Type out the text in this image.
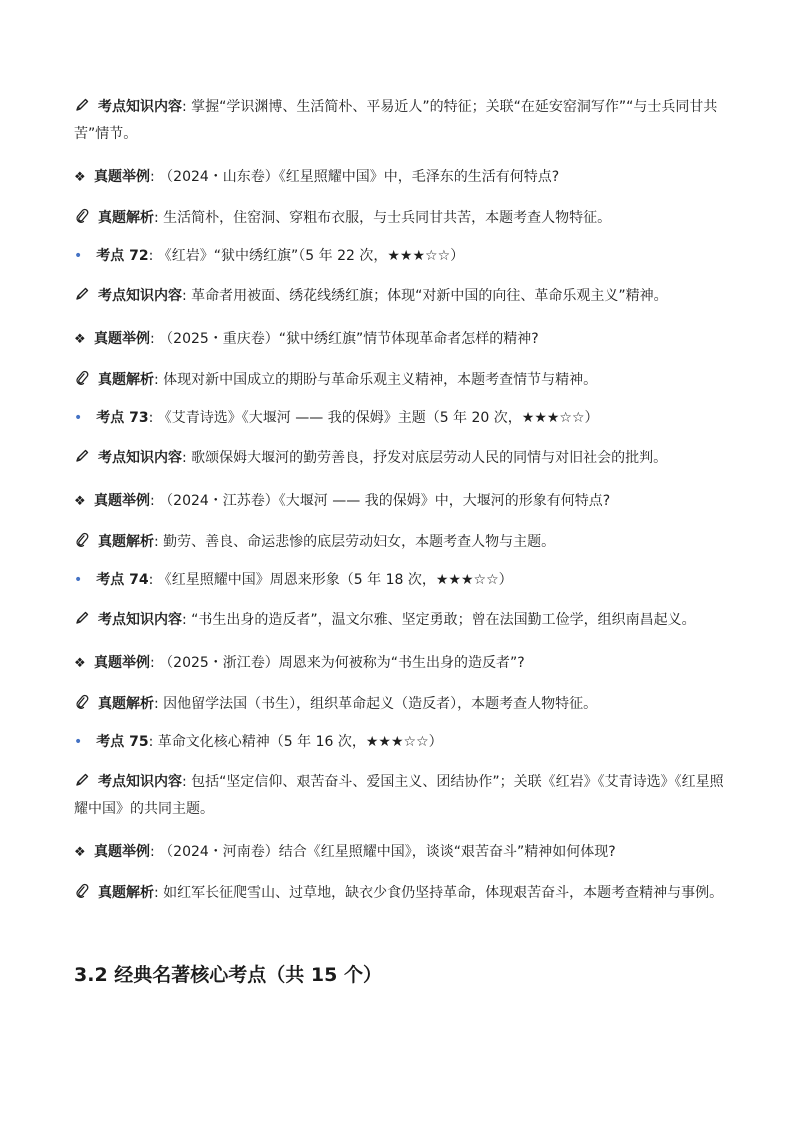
考点知识内容: 掌握“学识渊博、生活简朴、平易近人”的特征；关联“在延安窑洞写作”“与士兵同甘共苦”情节。
❖ 真题举例: （2024・山东卷）《红星照耀中国》中，毛泽东的生活有何特点?
真题解析: 生活简朴，住窑洞、穿粗布衣服，与士兵同甘共苦，本题考查人物特征。
• 考点 72: 《红岩》“狱中绣红旗”（5 年 22 次，★★★☆☆）
考点知识内容: 革命者用被面、绣花线绣红旗；体现“对新中国的向往、革命乐观主义”精神。
❖ 真题举例: （2025・重庆卷）“狱中绣红旗”情节体现革命者怎样的精神?
真题解析: 体现对新中国成立的期盼与革命乐观主义精神，本题考查情节与精神。
• 考点 73: 《艾青诗选》《大堰河 —— 我的保姆》主题（5 年 20 次，★★★☆☆）
考点知识内容: 歌颂保姆大堰河的勤劳善良，抒发对底层劳动人民的同情与对旧社会的批判。
❖ 真题举例: （2024・江苏卷）《大堰河 —— 我的保姆》中，大堰河的形象有何特点?
真题解析: 勤劳、善良、命运悲惨的底层劳动妇女，本题考查人物与主题。
• 考点 74: 《红星照耀中国》周恩来形象（5 年 18 次，★★★☆☆）
考点知识内容: “书生出身的造反者”，温文尔雅、坚定勇敢；曾在法国勤工俭学，组织南昌起义。
❖ 真题举例: （2025・浙江卷）周恩来为何被称为“书生出身的造反者”?
真题解析: 因他留学法国（书生），组织革命起义（造反者），本题考查人物特征。
• 考点 75: 革命文化核心精神（5 年 16 次，★★★☆☆）
考点知识内容: 包括“坚定信仰、艰苦奋斗、爱国主义、团结协作”；关联《红岩》《艾青诗选》《红星照耀中国》的共同主题。
❖ 真题举例: （2024・河南卷）结合《红星照耀中国》，谈谈“艰苦奋斗”精神如何体现?
真题解析: 如红军长征爬雪山、过草地，缺衣少食仍坚持革命，体现艰苦奋斗，本题考查精神与事例。
3.2 经典名著核心考点（共 15 个）
